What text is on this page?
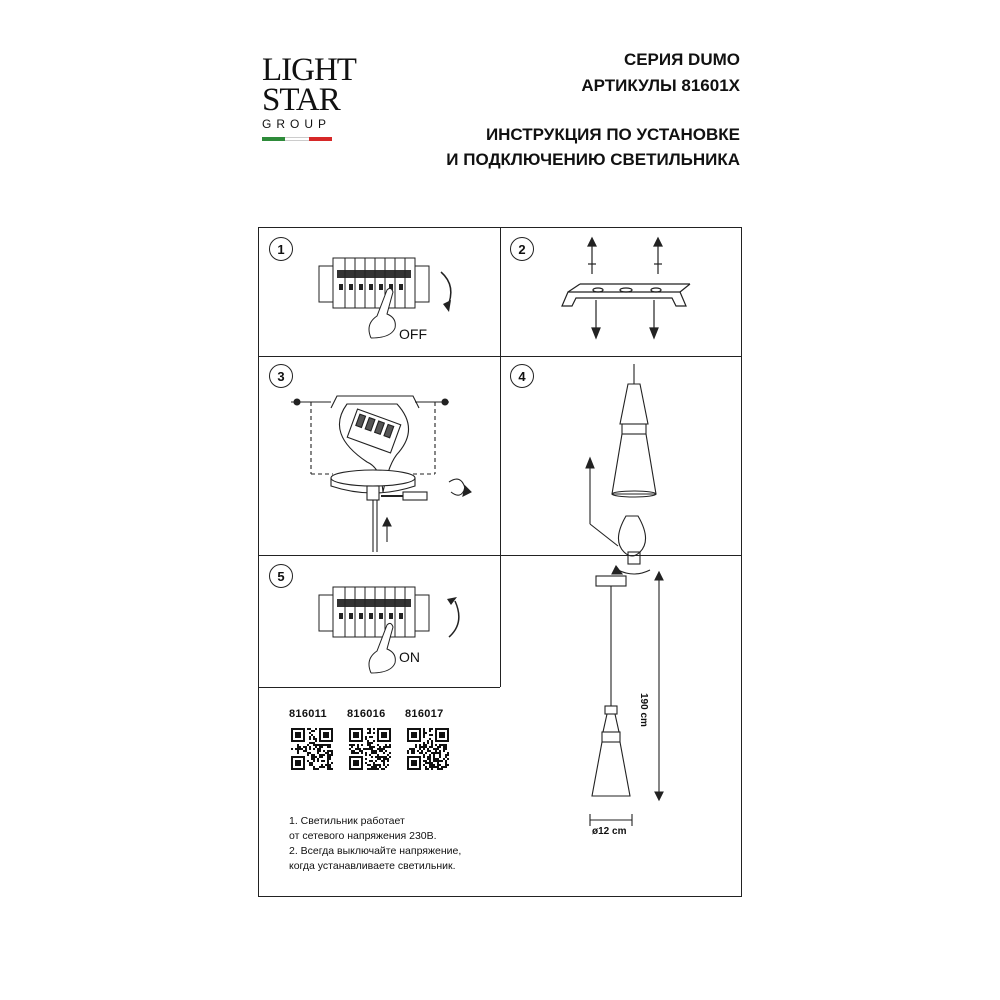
LIGHT
STAR
GROUP
СЕРИЯ DUMO
АРТИКУЛЫ 81601X
ИНСТРУКЦИЯ ПО УСТАНОВКЕ
И ПОДКЛЮЧЕНИЮ СВЕТИЛЬНИКА
1
OFF
2
3	4
5
ON
816011 816016 816017
1. Светильник работает
от сетевого напряжения 230В.
2. Всегда выключайте напряжение,
когда устанавливаете светильник.
190 cm
ø12 cm
